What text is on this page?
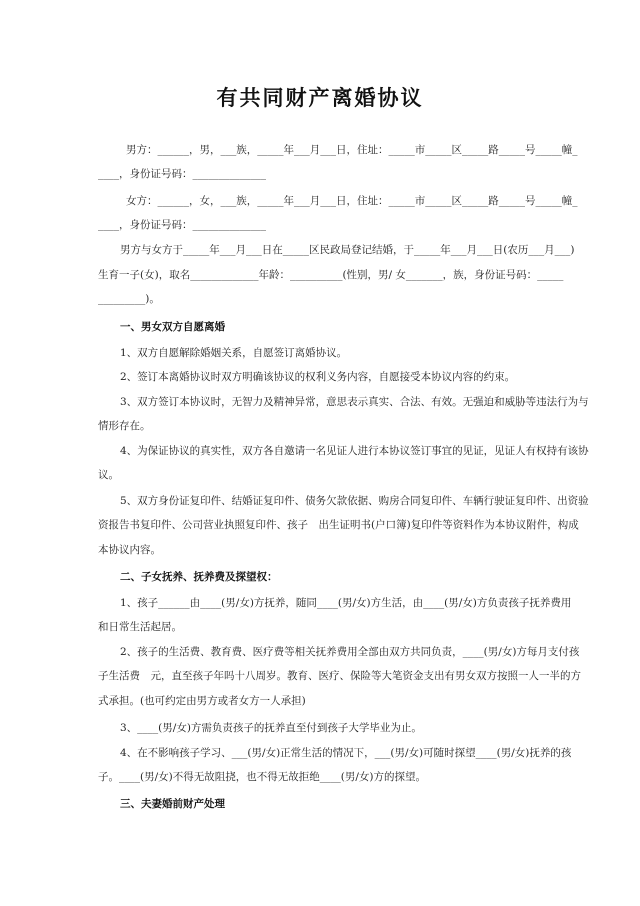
有共同财产离婚协议
男方：______，男，___族，_____年___月___日，住址：_____市_____区_____路_____号_____幢_
____，身份证号码：______________
女方：______，女，___族，_____年___月___日，住址：_____市_____区_____路_____号_____幢_
____，身份证号码：______________
男方与女方于_____年___月___日在_____区民政局登记结婚，于_____年___月___日(农历___月___)
生育一子(女)，取名_____________年龄：__________(性别，男/ 女_______，族，身份证号码：_____
_________)。
一、男女双方自愿离婚
1、双方自愿解除婚姻关系，自愿签订离婚协议。
2、签订本离婚协议时双方明确该协议的权利义务内容，自愿接受本协议内容的约束。
3、双方签订本协议时，无智力及精神异常，意思表示真实、合法、有效。无强迫和威胁等违法行为与
情形存在。
4、为保证协议的真实性，双方各自邀请一名见证人进行本协议签订事宜的见证，见证人有权持有该协
议。
5、双方身份证复印件、结婚证复印件、债务欠款依据、购房合同复印件、车辆行驶证复印件、出资验
资报告书复印件、公司营业执照复印件、孩子　出生证明书(户口簿)复印件等资料作为本协议附件，构成
本协议内容。
二、子女抚养、抚养费及探望权：
1、孩子______由____(男/女)方抚养，随同____(男/女)方生活，由____(男/女)方负责孩子抚养费用
和日常生活起居。
2、孩子的生活费、教育费、医疗费等相关抚养费用全部由双方共同负责，____(男/女)方每月支付孩
子生活费　元，直至孩子年吗十八周岁。教育、医疗、保险等大笔资金支出有男女双方按照一人一半的方
式承担。(也可约定由男方或者女方一人承担)
3、____(男/女)方需负责孩子的抚养直至付到孩子大学毕业为止。
4、在不影响孩子学习、___(男/女)正常生活的情况下，___(男/女)可随时探望____(男/女)抚养的孩
子。____(男/女)不得无故阻挠，也不得无故拒绝____(男/女)方的探望。
三、夫妻婚前财产处理
